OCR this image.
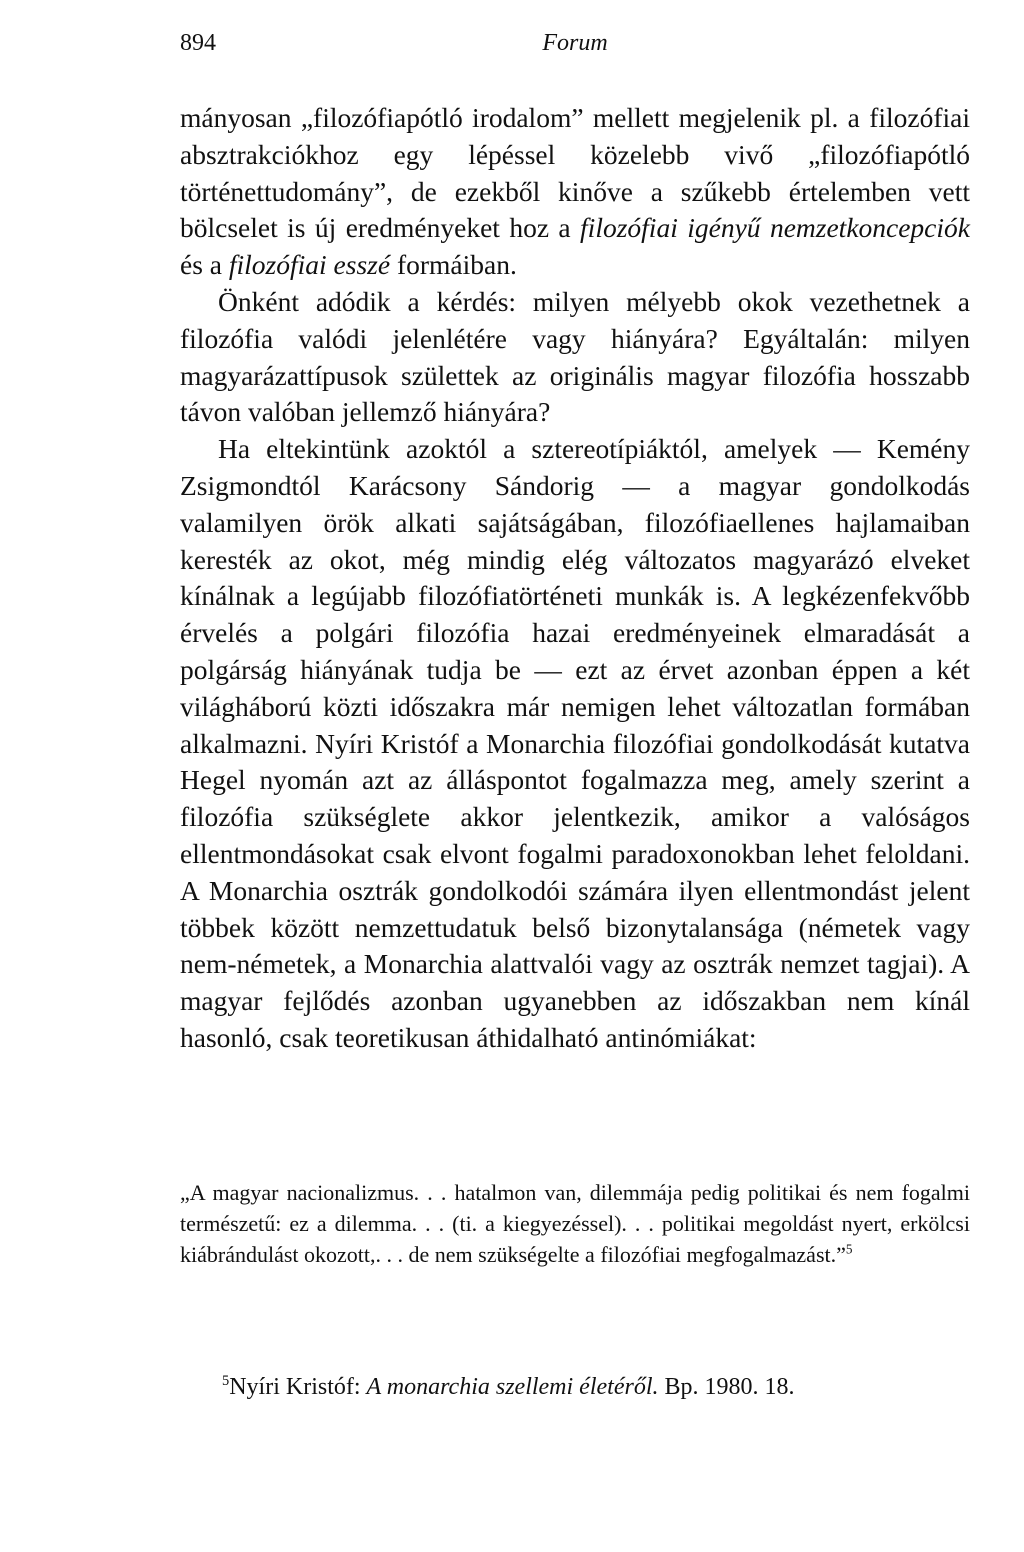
894	Forum

mányosan „filozófiapótló irodalom” mellett megjelenik pl. a filozófiai absztrakciókhoz egy lépéssel közelebb vivő „filozófiapótló történettudomány”, de ezekből kinőve a szűkebb értelemben vett bölcselet is új eredményeket hoz a filozófiai igényű nemzetkoncepciók és a filozófiai esszé formáiban.

Önként adódik a kérdés: milyen mélyebb okok vezethetnek a filozófia valódi jelenlétére vagy hiányára? Egyáltalán: milyen magyarázattípusok születtek az originális magyar filozófia hosszabb távon valóban jellemző hiányára?

Ha eltekintünk azoktól a sztereotípiáktól, amelyek — Kemény Zsigmondtól Karácsony Sándorig — a magyar gondolkodás valamilyen örök alkati sajátságában, filozófiaellenes hajlamaiban keresték az okot, még mindig elég változatos magyarázó elveket kínálnak a legújabb filozófiatörténeti munkák is. A legkézenfekvőbb érvelés a polgári filozófia hazai eredményeinek elmaradását a polgárság hiányának tudja be — ezt az érvet azonban éppen a két világháború közti időszakra már nemigen lehet változatlan formában alkalmazni. Nyíri Kristóf a Monarchia filozófiai gondolkodását kutatva Hegel nyomán azt az álláspontot fogalmazza meg, amely szerint a filozófia szükséglete akkor jelentkezik, amikor a valóságos ellentmondásokat csak elvont fogalmi paradoxonokban lehet feloldani. A Monarchia osztrák gondolkodói számára ilyen ellentmondást jelent többek között nemzettudatuk belső bizonytalansága (németek vagy nem-németek, a Monarchia alattvalói vagy az osztrák nemzet tagjai). A magyar fejlődés azonban ugyanebben az időszakban nem kínál hasonló, csak teoretikusan áthidalható antinómiákat:

„A magyar nacionalizmus. . . hatalmon van, dilemmája pedig politikai és nem fogalmi természetű: ez a dilemma. . . (ti. a kiegyezéssel). . . politikai megoldást nyert, erkölcsi kiábrándulást okozott,. . . de nem szükségelte a filozófiai megfogalmazást.”$^5$
$^5$Nyíri Kristóf: A monarchia szellemi életéről. Bp. 1980. 18.
